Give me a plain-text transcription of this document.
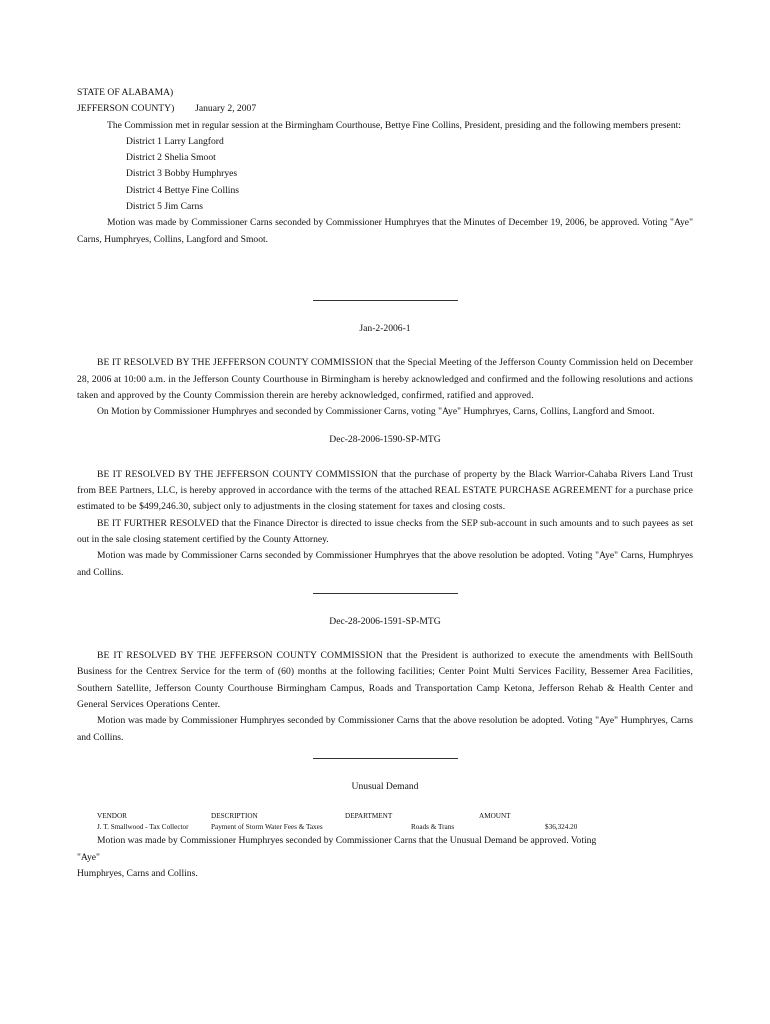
STATE OF ALABAMA)
JEFFERSON COUNTY) January 2, 2007
The Commission met in regular session at the Birmingham Courthouse, Bettye Fine Collins, President, presiding and the following members present:
District 1 Larry Langford
District 2 Shelia Smoot
District 3 Bobby Humphryes
District 4 Bettye Fine Collins
District 5 Jim Carns
Motion was made by Commissioner Carns seconded by Commissioner Humphryes that the Minutes of December 19, 2006, be approved. Voting "Aye" Carns, Humphryes, Collins, Langford and Smoot.
Jan-2-2006-1
BE IT RESOLVED BY THE JEFFERSON COUNTY COMMISSION that the Special Meeting of the Jefferson County Commission held on December 28, 2006 at 10:00 a.m. in the Jefferson County Courthouse in Birmingham is hereby acknowledged and confirmed and the following resolutions and actions taken and approved by the County Commission therein are hereby acknowledged, confirmed, ratified and approved.
On Motion by Commissioner Humphryes and seconded by Commissioner Carns, voting "Aye" Humphryes, Carns, Collins, Langford and Smoot.
Dec-28-2006-1590-SP-MTG
BE IT RESOLVED BY THE JEFFERSON COUNTY COMMISSION that the purchase of property by the Black Warrior-Cahaba Rivers Land Trust from BEE Partners, LLC, is hereby approved in accordance with the terms of the attached REAL ESTATE PURCHASE AGREEMENT for a purchase price estimated to be $499,246.30, subject only to adjustments in the closing statement for taxes and closing costs.
BE IT FURTHER RESOLVED that the Finance Director is directed to issue checks from the SEP sub-account in such amounts and to such payees as set out in the sale closing statement certified by the County Attorney.
Motion was made by Commissioner Carns seconded by Commissioner Humphryes that the above resolution be adopted. Voting "Aye" Carns, Humphryes and Collins.
Dec-28-2006-1591-SP-MTG
BE IT RESOLVED BY THE JEFFERSON COUNTY COMMISSION that the President is authorized to execute the amendments with BellSouth Business for the Centrex Service for the term of (60) months at the following facilities; Center Point Multi Services Facility, Bessemer Area Facilities, Southern Satellite, Jefferson County Courthouse Birmingham Campus, Roads and Transportation Camp Ketona, Jefferson Rehab & Health Center and General Services Operations Center.
Motion was made by Commissioner Humphryes seconded by Commissioner Carns that the above resolution be adopted. Voting "Aye" Humphryes, Carns and Collins.
Unusual Demand
VENDOR	DESCRIPTION	DEPARTMENT	AMOUNT
J. T. Smallwood - Tax Collector	Payment of Storm Water Fees & Taxes	Roads & Trans	$36,324.20
Motion was made by Commissioner Humphryes seconded by Commissioner Carns that the Unusual Demand be approved. Voting
"Aye"
Humphryes, Carns and Collins.
